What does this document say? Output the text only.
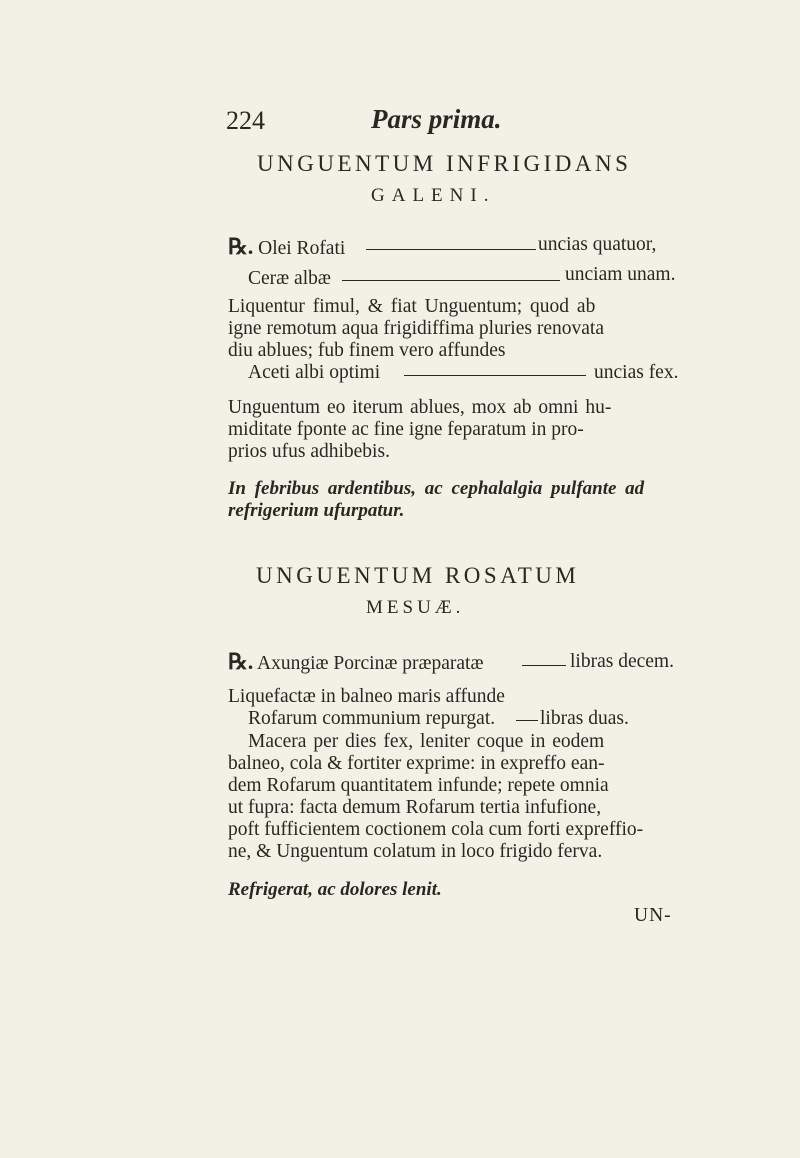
224	Pars prima.
UNGUENTUM INFRIGIDANS
GALENI.
℞. Olei Rofati	uncias quatuor,
Ceræ albæ	unciam unam.
Liquentur fimul, & fiat Unguentum; quod ab
igne remotum aqua frigidiffima pluries renovata
diu ablues; fub finem vero affundes
Aceti albi optimi	uncias fex.
Unguentum eo iterum ablues, mox ab omni hu-
miditate fponte ac fine igne feparatum in pro-
prios ufus adhibebis.
In febribus ardentibus, ac cephalalgia pulfante ad
refrigerium ufurpatur.
UNGUENTUM ROSATUM
MESUÆ.
℞. Axungiæ Porcinæ præparatæ	libras decem.
Liquefactæ in balneo maris affunde
Rofarum communium repurgat. libras duas.
Macera per dies fex, leniter coque in eodem
balneo, cola & fortiter exprime: in expreffo ean-
dem Rofarum quantitatem infunde; repete omnia
ut fupra: facta demum Rofarum tertia infufione,
poft fufficientem coctionem cola cum forti expreffio-
ne, & Unguentum colatum in loco frigido ferva.
Refrigerat, ac dolores lenit.
UN-
